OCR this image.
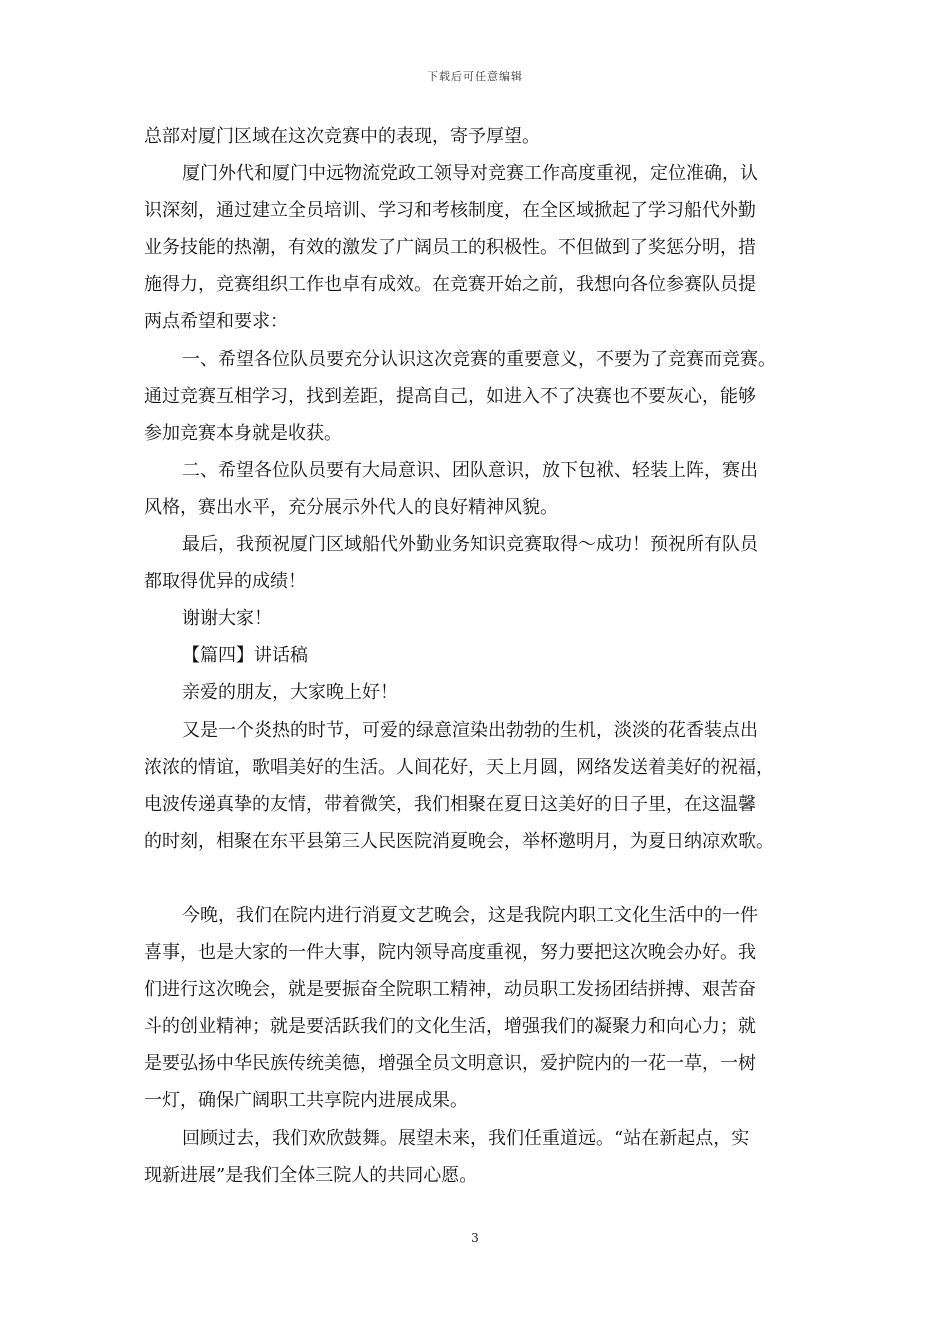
下载后可任意编辑
总部对厦门区域在这次竞赛中的表现，寄予厚望。
厦门外代和厦门中远物流党政工领导对竞赛工作高度重视，定位准确，认
识深刻，通过建立全员培训、学习和考核制度，在全区域掀起了学习船代外勤
业务技能的热潮，有效的激发了广阔员工的积极性。不但做到了奖惩分明，措
施得力，竞赛组织工作也卓有成效。在竞赛开始之前，我想向各位参赛队员提
两点希望和要求：
一、希望各位队员要充分认识这次竞赛的重要意义，不要为了竞赛而竞赛。
通过竞赛互相学习，找到差距，提高自己，如进入不了决赛也不要灰心，能够
参加竞赛本身就是收获。
二、希望各位队员要有大局意识、团队意识，放下包袱、轻装上阵，赛出
风格，赛出水平，充分展示外代人的良好精神风貌。
最后，我预祝厦门区域船代外勤业务知识竞赛取得～成功！预祝所有队员
都取得优异的成绩！
谢谢大家！
【篇四】讲话稿
亲爱的朋友，大家晚上好！
又是一个炎热的时节，可爱的绿意渲染出勃勃的生机，淡淡的花香装点出
浓浓的情谊，歌唱美好的生活。人间花好，天上月圆，网络发送着美好的祝福，
电波传递真挚的友情，带着微笑，我们相聚在夏日这美好的日子里，在这温馨
的时刻，相聚在东平县第三人民医院消夏晚会，举杯邀明月，为夏日纳凉欢歌。
今晚，我们在院内进行消夏文艺晚会，这是我院内职工文化生活中的一件
喜事，也是大家的一件大事，院内领导高度重视，努力要把这次晚会办好。我
们进行这次晚会，就是要振奋全院职工精神，动员职工发扬团结拼搏、艰苦奋
斗的创业精神；就是要活跃我们的文化生活，增强我们的凝聚力和向心力；就
是要弘扬中华民族传统美德，增强全员文明意识，爱护院内的一花一草，一树
一灯，确保广阔职工共享院内进展成果。
回顾过去，我们欢欣鼓舞。展望未来，我们任重道远。“站在新起点，实
现新进展”是我们全体三院人的共同心愿。
3
